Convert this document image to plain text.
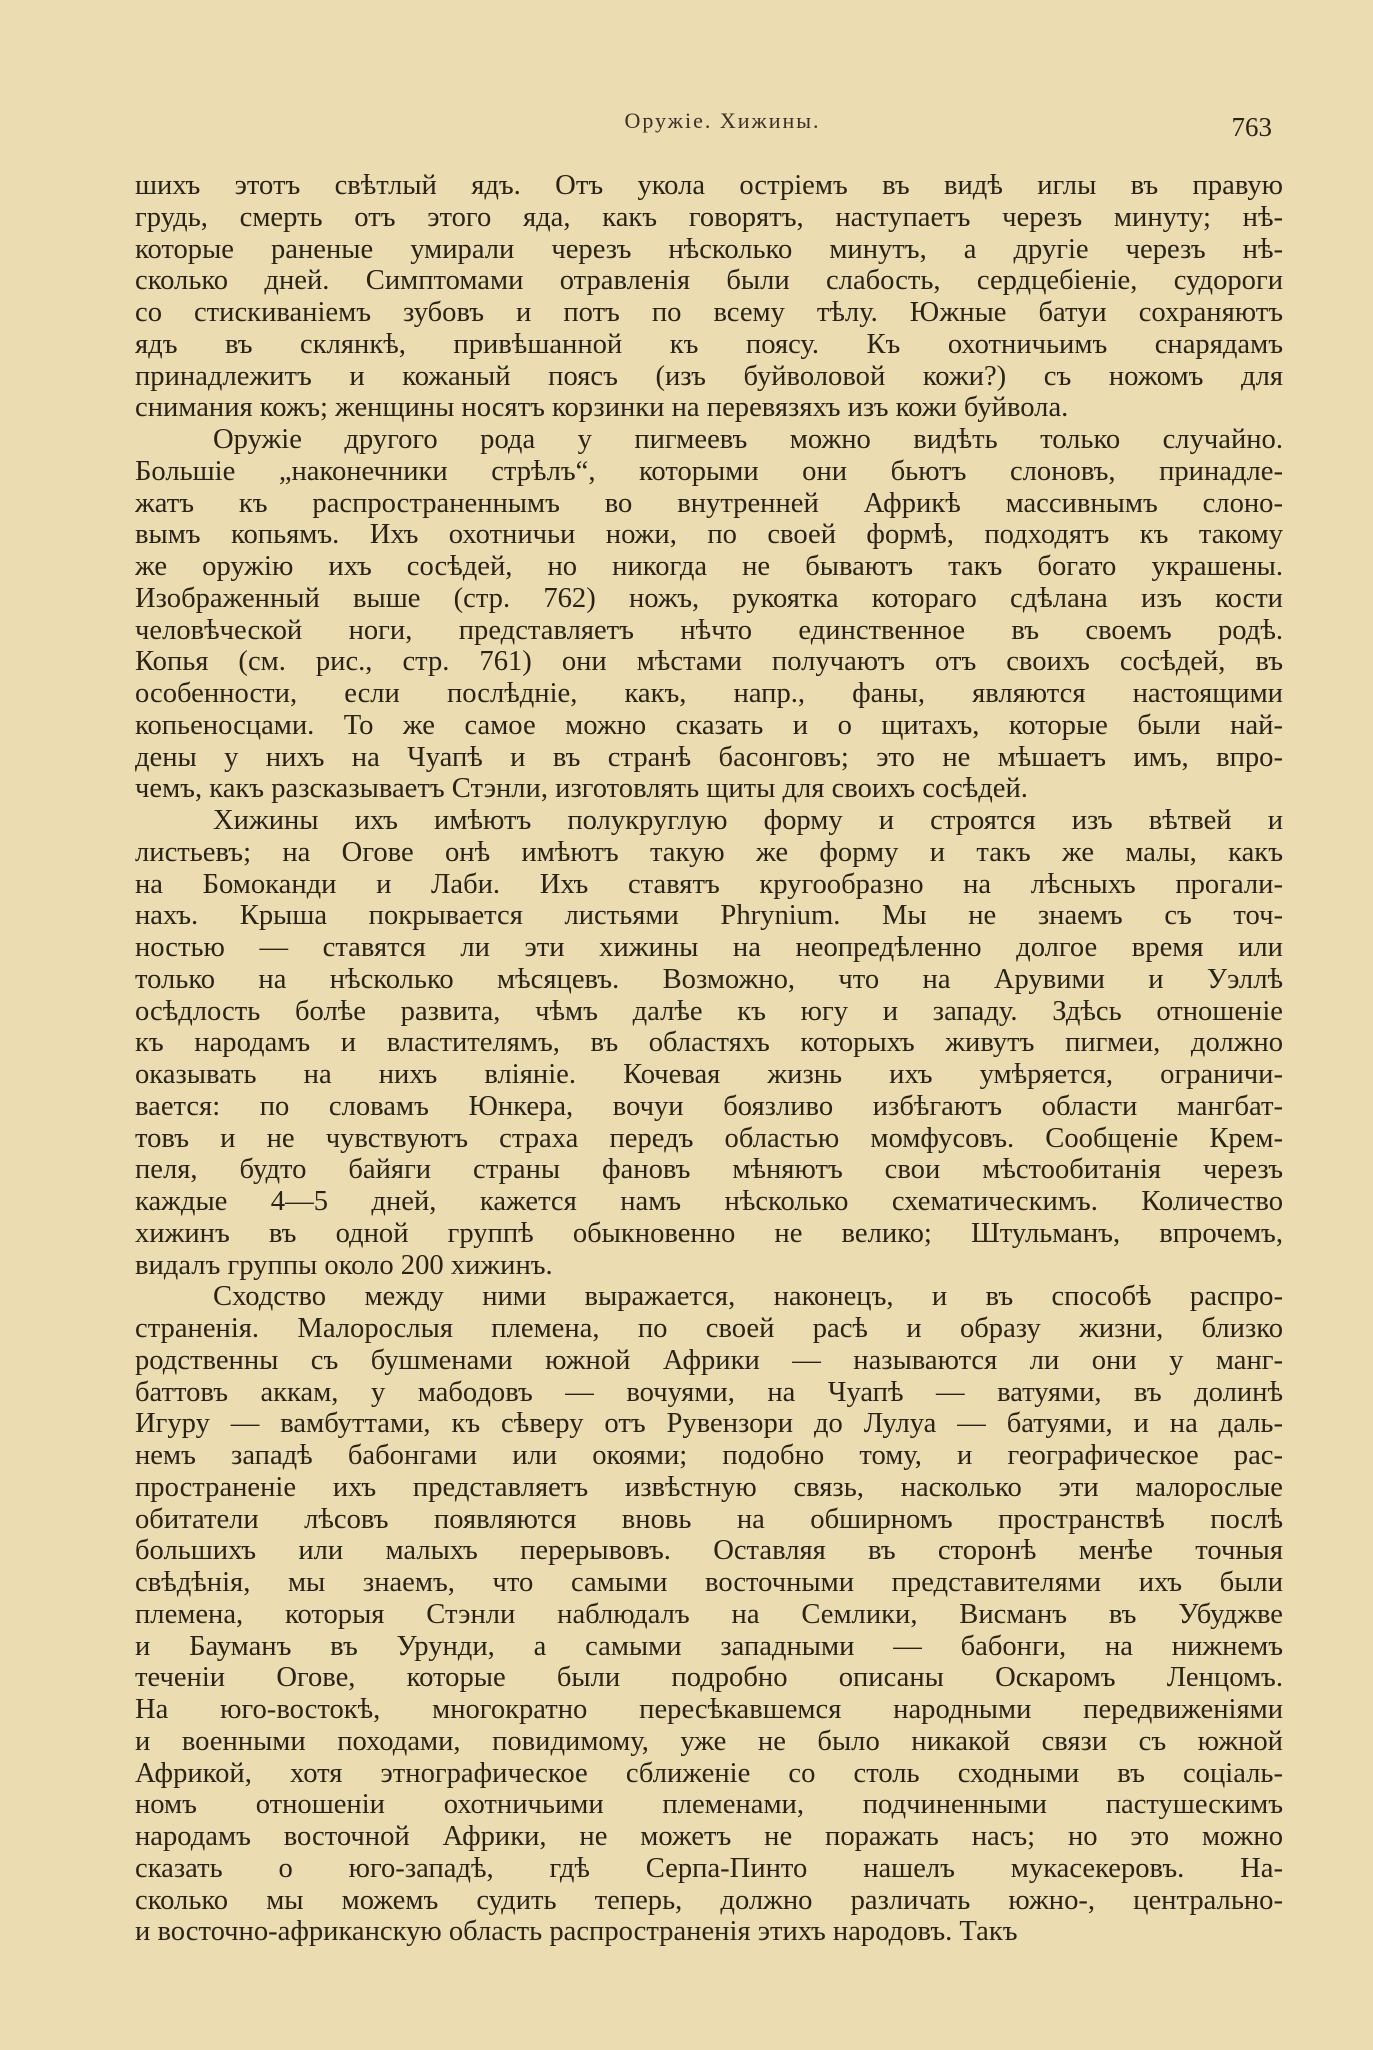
Оружіе. Хижины.	763
шихъ этотъ свѣтлый ядъ. Отъ укола остріемъ въ видѣ иглы въ правую
грудь, смерть отъ этого яда, какъ говорятъ, наступаетъ черезъ минуту; нѣ-
которые раненые умирали черезъ нѣсколько минутъ, а другіе черезъ нѣ-
сколько дней. Симптомами отравленія были слабость, сердцебіеніе, судороги
со стискиваніемъ зубовъ и потъ по всему тѣлу. Южные батуи сохраняютъ
ядъ въ склянкѣ, привѣшанной къ поясу. Къ охотничьимъ снарядамъ
принадлежитъ и кожаный поясъ (изъ буйволовой кожи?) съ ножомъ для
снимания кожъ; женщины носятъ корзинки на перевязяхъ изъ кожи буйвола.
Оружіе другого рода у пигмеевъ можно видѣть только случайно.
Большіе „наконечники стрѣлъ“, которыми они бьютъ слоновъ, принадле-
жатъ къ распространеннымъ во внутренней Африкѣ массивнымъ слоно-
вымъ копьямъ. Ихъ охотничьи ножи, по своей формѣ, подходятъ къ такому
же оружію ихъ сосѣдей, но никогда не бываютъ такъ богато украшены.
Изображенный выше (стр. 762) ножъ, рукоятка котораго сдѣлана изъ кости
человѣческой ноги, представляетъ нѣчто единственное въ своемъ родѣ.
Копья (см. рис., стр. 761) они мѣстами получаютъ отъ своихъ сосѣдей, въ
особенности, если послѣдніе, какъ, напр., фаны, являются настоящими
копьеносцами. То же самое можно сказать и о щитахъ, которые были най-
дены у нихъ на Чуапѣ и въ странѣ басонговъ; это не мѣшаетъ имъ, впро-
чемъ, какъ разсказываетъ Стэнли, изготовлять щиты для своихъ сосѣдей.
Хижины ихъ имѣютъ полукруглую форму и строятся изъ вѣтвей и
листьевъ; на Огове онѣ имѣютъ такую же форму и такъ же малы, какъ
на Бомоканди и Лаби. Ихъ ставятъ кругообразно на лѣсныхъ прогали-
нахъ. Крыша покрывается листьями Phrynium. Мы не знаемъ съ точ-
ностью — ставятся ли эти хижины на неопредѣленно долгое время или
только на нѣсколько мѣсяцевъ. Возможно, что на Арувими и Уэллѣ
осѣдлость болѣе развита, чѣмъ далѣе къ югу и западу. Здѣсь отношеніе
къ народамъ и властителямъ, въ областяхъ которыхъ живутъ пигмеи, должно
оказывать на нихъ вліяніе. Кочевая жизнь ихъ умѣряется, ограничи-
вается: по словамъ Юнкера, вочуи боязливо избѣгаютъ области мангбат-
товъ и не чувствуютъ страха передъ областью момфусовъ. Сообщеніе Крем-
пеля, будто байяги страны фановъ мѣняютъ свои мѣстообитанія черезъ
каждые 4—5 дней, кажется намъ нѣсколько схематическимъ. Количество
хижинъ въ одной группѣ обыкновенно не велико; Штульманъ, впрочемъ,
видалъ группы около 200 хижинъ.
Сходство между ними выражается, наконецъ, и въ способѣ распро-
страненія. Малорослыя племена, по своей расѣ и образу жизни, близко
родственны съ бушменами южной Африки — называются ли они у манг-
баттовъ аккам, у мабодовъ — вочуями, на Чуапѣ — ватуями, въ долинѣ
Игуру — вамбуттами, къ сѣверу отъ Рувензори до Лулуа — батуями, и на даль-
немъ западѣ бабонгами или окоями; подобно тому, и географическое рас-
пространеніе ихъ представляетъ извѣстную связь, насколько эти малорослые
обитатели лѣсовъ появляются вновь на обширномъ пространствѣ послѣ
большихъ или малыхъ перерывовъ. Оставляя въ сторонѣ менѣе точныя
свѣдѣнія, мы знаемъ, что самыми восточными представителями ихъ были
племена, которыя Стэнли наблюдалъ на Семлики, Висманъ въ Убуджве
и Бауманъ въ Урунди, а самыми западными — бабонги, на нижнемъ
теченіи Огове, которые были подробно описаны Оскаромъ Ленцомъ.
На юго-востокѣ, многократно пересѣкавшемся народными передвиженіями
и военными походами, повидимому, уже не было никакой связи съ южной
Африкой, хотя этнографическое сближеніе со столь сходными въ соціаль-
номъ отношеніи охотничьими племенами, подчиненными пастушескимъ
народамъ восточной Африки, не можетъ не поражать насъ; но это можно
сказать о юго-западѣ, гдѣ Серпа-Пинто нашелъ мукасекеровъ. На-
сколько мы можемъ судить теперь, должно различать южно-, центрально-
и восточно-африканскую область распространенія этихъ народовъ. Такъ
